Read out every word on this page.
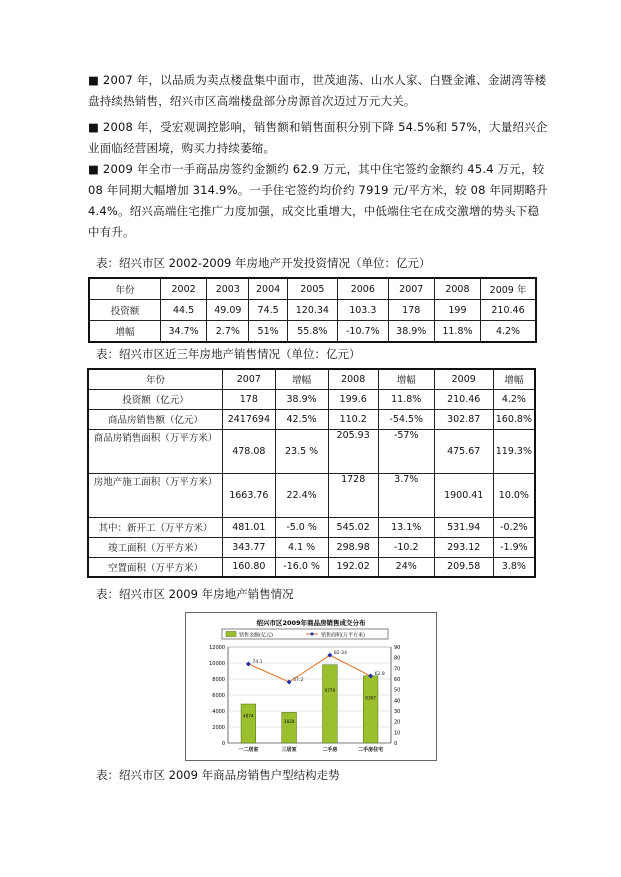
■ 2007 年，以品质为卖点楼盘集中面市，世茂迪荡、山水人家、白暨金滩、金湖湾等楼盘持续热销售，绍兴市区高端楼盘部分房源首次迈过万元大关。
■ 2008 年，受宏观调控影响，销售额和销售面积分别下降 54.5%和 57%，大量绍兴企业面临经营困境，购买力持续萎缩。
■ 2009 年全市一手商品房签约金额约 62.9 万元，其中住宅签约金额约 45.4 万元，较 08 年同期大幅增加 314.9%。一手住宅签约均价约 7919 元/平方米，较 08 年同期略升 4.4%。绍兴高端住宅推广力度加强，成交比重增大，中低端住宅在成交激增的势头下稳中有升。
表：绍兴市区 2002-2009 年房地产开发投资情况（单位：亿元）
年份	2002	2003	2004	2005	2006	2007	2008	2009 年
投资额	44.5	49.09	74.5	120.34	103.3	178	199	210.46
增幅	34.7%	2.7%	51%	55.8%	-10.7%	38.9%	11.8%	4.2%
表：绍兴市区近三年房地产销售情况（单位：亿元）
年份	2007	增幅	2008	增幅	2009	增幅
投资额（亿元）	178	38.9%	199.6	11.8%	210.46	4.2%
商品房销售额（亿元）	2417694	42.5%	110.2	-54.5%	302.87	160.8%
商品房销售面积（万平方米）	478.08	23.5 %	205.93	-57%	475.67	119.3%
房地产施工面积（万平方米）	1663.76	22.4%	1728	3.7%	1900.41	10.0%
其中：新开工（万平方米）	481.01	-5.0 %	545.02	13.1%	531.94	-0.2%
竣工面积（万平方米）	343.77	4.1 %	298.98	-10.2	293.12	-1.9%
空置面积（万平方米）	160.80	-16.0 %	192.02	24%	209.58	3.8%
表：绍兴市区 2009 年房地产销售情况
绍兴市区2009年商品房销售成交分布
销售金额(亿元)	销售面积(万平方米)
12000
10000
8000
6000
4000
2000
0
90
80
70
60
50
40
30
20
10
0
一二居室	三居室	二手房	二手房住宅
4874
3828
9779
8397
74.1
57.2
82.34
62.8
表：绍兴市区 2009 年商品房销售户型结构走势
